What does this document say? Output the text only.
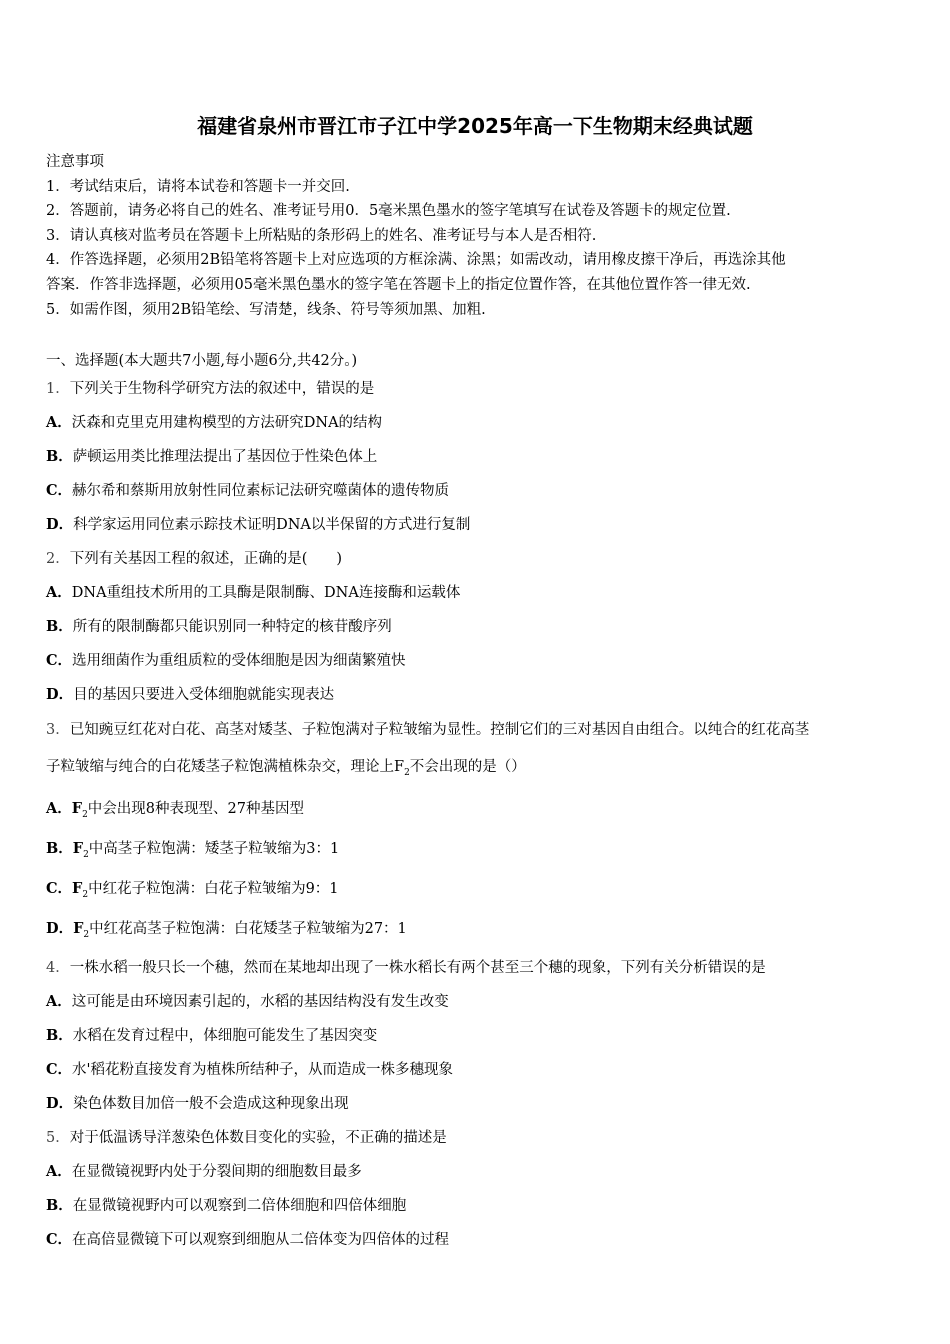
福建省泉州市晋江市子江中学2025年高一下生物期末经典试题
注意事项
1．考试结束后，请将本试卷和答题卡一并交回.
2．答题前，请务必将自己的姓名、准考证号用0．5毫米黑色墨水的签字笔填写在试卷及答题卡的规定位置.
3．请认真核对监考员在答题卡上所粘贴的条形码上的姓名、准考证号与本人是否相符.
4．作答选择题，必须用2B铅笔将答题卡上对应选项的方框涂满、涂黑；如需改动，请用橡皮擦干净后，再选涂其他
答案．作答非选择题，必须用05毫米黑色墨水的签字笔在答题卡上的指定位置作答，在其他位置作答一律无效.
5．如需作图，须用2B铅笔绘、写清楚，线条、符号等须加黑、加粗.
一、选择题(本大题共7小题,每小题6分,共42分。)
1．下列关于生物科学研究方法的叙述中，错误的是
A．沃森和克里克用建构模型的方法研究DNA的结构
B．萨顿运用类比推理法提出了基因位于性染色体上
C．赫尔希和蔡斯用放射性同位素标记法研究噬菌体的遗传物质
D．科学家运用同位素示踪技术证明DNA以半保留的方式进行复制
2．下列有关基因工程的叙述，正确的是(　　)
A．DNA重组技术所用的工具酶是限制酶、DNA连接酶和运载体
B．所有的限制酶都只能识别同一种特定的核苷酸序列
C．选用细菌作为重组质粒的受体细胞是因为细菌繁殖快
D．目的基因只要进入受体细胞就能实现表达
3．已知豌豆红花对白花、高茎对矮茎、子粒饱满对子粒皱缩为显性。控制它们的三对基因自由组合。以纯合的红花高茎
子粒皱缩与纯合的白花矮茎子粒饱满植株杂交，理论上$F_2$不会出现的是（）
A．$F_2$中会出现8种表现型、27种基因型
B．$F_2$中高茎子粒饱满：矮茎子粒皱缩为3：1
C．$F_2$中红花子粒饱满：白花子粒皱缩为9：1
D．$F_2$中红花高茎子粒饱满：白花矮茎子粒皱缩为27：1
4．一株水稻一般只长一个穗，然而在某地却出现了一株水稻长有两个甚至三个穗的现象，下列有关分析错误的是
A．这可能是由环境因素引起的，水稻的基因结构没有发生改变
B．水稻在发育过程中，体细胞可能发生了基因突变
C．水'稻花粉直接发育为植株所结种子，从而造成一株多穗现象
D．染色体数目加倍一般不会造成这种现象出现
5．对于低温诱导洋葱染色体数目变化的实验，不正确的描述是
A．在显微镜视野内处于分裂间期的细胞数目最多
B．在显微镜视野内可以观察到二倍体细胞和四倍体细胞
C．在高倍显微镜下可以观察到细胞从二倍体变为四倍体的过程
